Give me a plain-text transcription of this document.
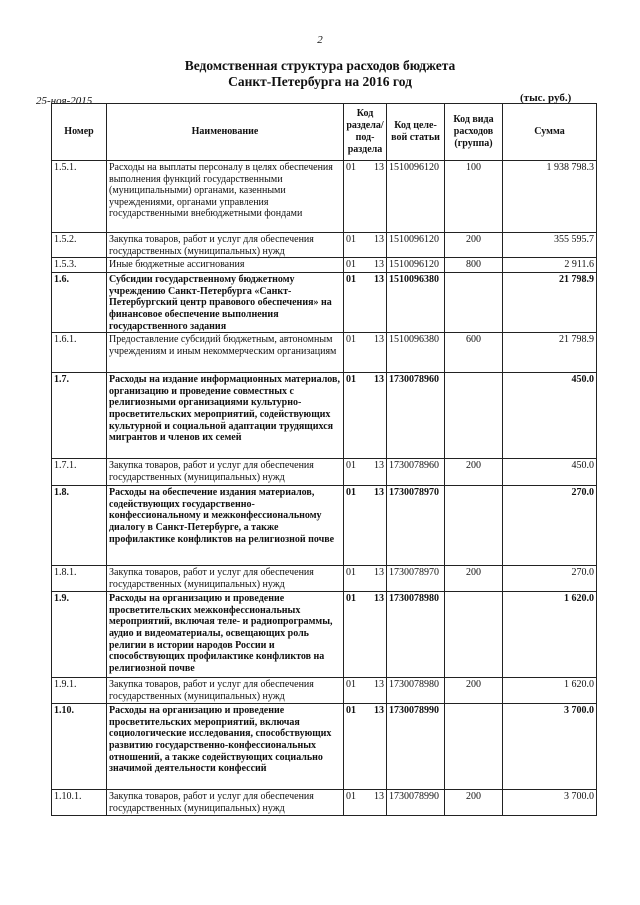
2
Ведомственная структура расходов бюджета
Санкт-Петербурга на 2016 год
25-ноя-2015	(тыс. руб.)
Номер	Наименование	Код раздела/ под- раздела		Код целе- вой статьи	Код вида расходов (группа)	Сумма
1.5.1.	Расходы на выплаты персоналу в целях обеспечения выполнения функций государственными (муниципальными) органами, казенными учреждениями, органами управления государственными внебюджетными фондами	01	13	1510096120	100	1 938 798.3
1.5.2.	Закупка товаров, работ и услуг для обеспечения государственных (муниципальных) нужд	01	13	1510096120	200	355 595.7
1.5.3.	Иные бюджетные ассигнования	01	13	1510096120	800	2 911.6
1.6.	Субсидии государственному бюджетному учреждению Санкт-Петербурга «Санкт-Петербургский центр правового обеспечения» на финансовое обеспечение выполнения государственного задания	01	13	1510096380		21 798.9
1.6.1.	Предоставление субсидий бюджетным, автономным учреждениям и иным некоммерческим организациям	01	13	1510096380	600	21 798.9
1.7.	Расходы на издание информационных материалов, организацию и проведение совместных с религиозными организациями культурно-просветительских мероприятий, содействующих культурной и социальной адаптации трудящихся мигрантов и членов их семей	01	13	1730078960		450.0
1.7.1.	Закупка товаров, работ и услуг для обеспечения государственных (муниципальных) нужд	01	13	1730078960	200	450.0
1.8.	Расходы на обеспечение издания материалов, содействующих государственно-конфессиональному и межконфессиональному диалогу в Санкт-Петербурге, а также профилактике конфликтов на религиозной почве	01	13	1730078970		270.0
1.8.1.	Закупка товаров, работ и услуг для обеспечения государственных (муниципальных) нужд	01	13	1730078970	200	270.0
1.9.	Расходы на организацию и проведение просветительских межконфессиональных мероприятий, включая теле- и радиопрограммы, аудио и видеоматериалы, освещающих роль религии в истории народов России и способствующих профилактике конфликтов на религиозной почве	01	13	1730078980		1 620.0
1.9.1.	Закупка товаров, работ и услуг для обеспечения государственных (муниципальных) нужд	01	13	1730078980	200	1 620.0
1.10.	Расходы на организацию и проведение просветительских мероприятий, включая социологические исследования, способствующих развитию государственно-конфессиональных отношений, а также содействующих социально значимой деятельности конфессий	01	13	1730078990		3 700.0
1.10.1.	Закупка товаров, работ и услуг для обеспечения государственных (муниципальных) нужд	01	13	1730078990	200	3 700.0
